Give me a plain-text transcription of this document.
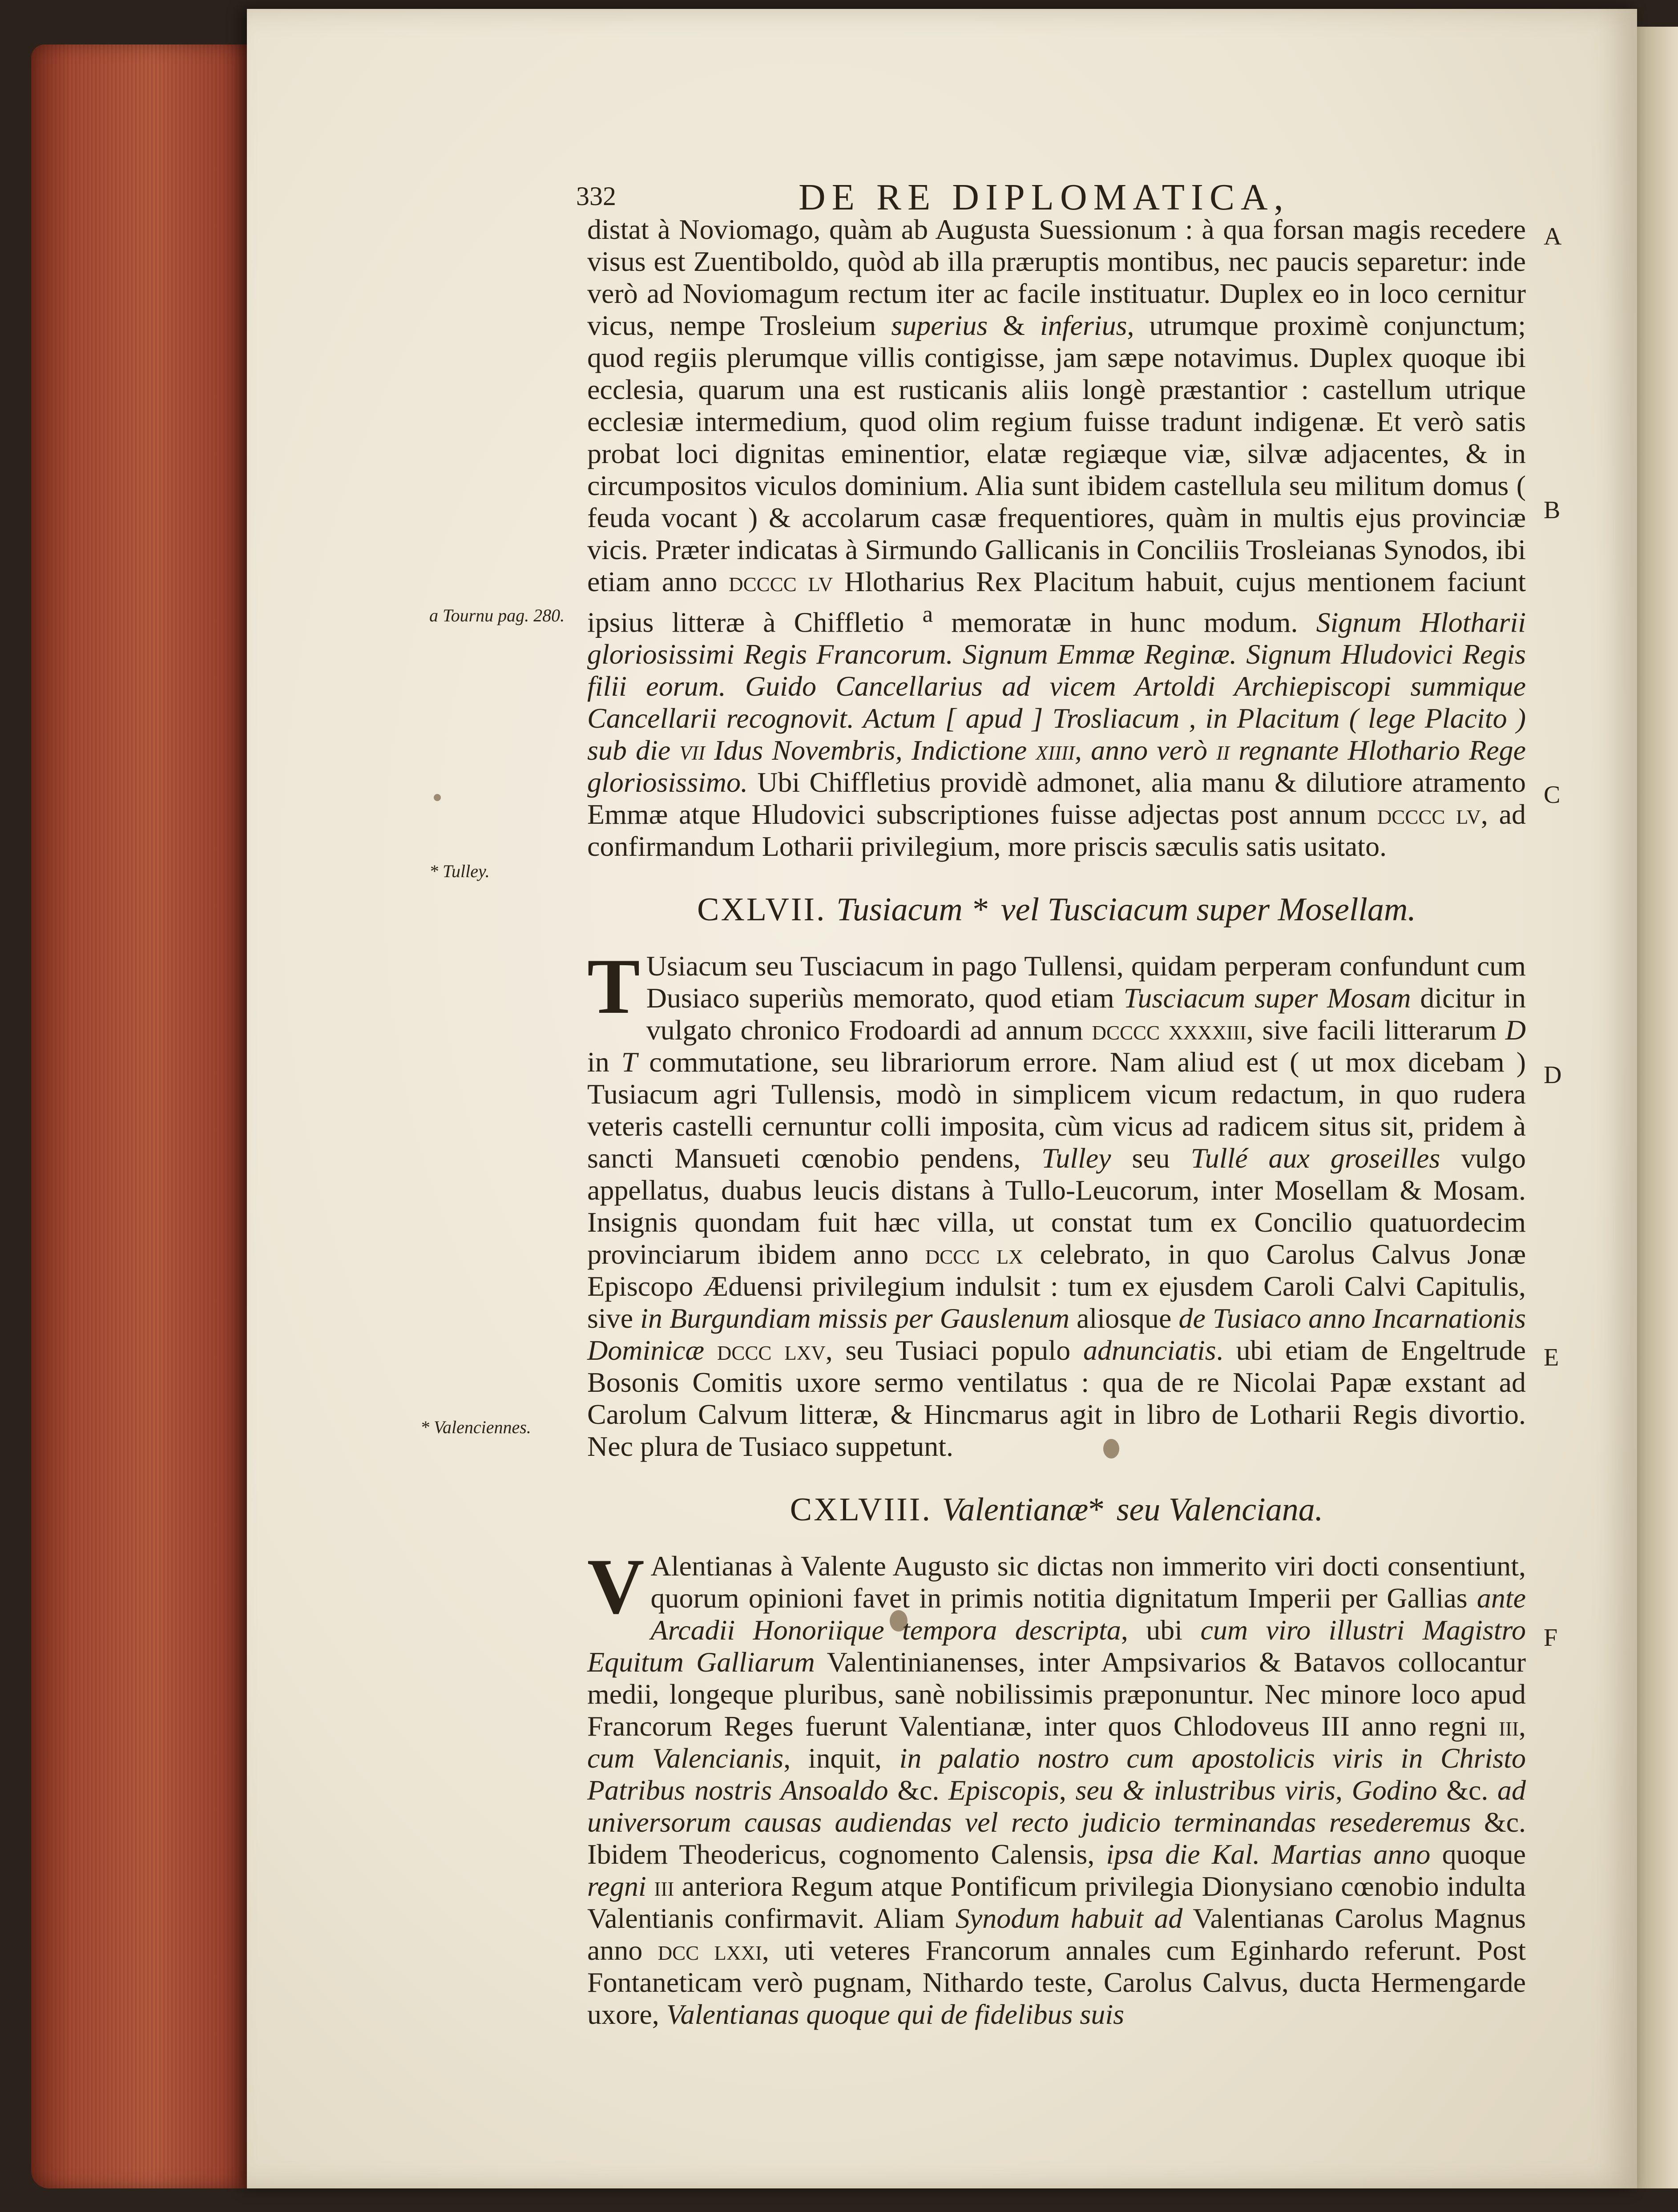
332	DE RE DIPLOMATICA,
a Tournu pag. 280.
* Tulley.
* Valenciennes.
A
B
C
D
E
F

distat à Noviomago, quàm ab Augusta Suessionum : à qua forsan magis recedere visus est Zuentiboldo, quòd ab illa præruptis montibus, nec paucis separetur: inde verò ad Noviomagum rectum iter ac facile instituatur. Duplex eo in loco cernitur vicus, nempe Trosleium superius & inferius, utrumque proximè conjunctum; quod regiis plerumque villis contigisse, jam sæpe notavimus. Duplex quoque ibi ecclesia, quarum una est rusticanis aliis longè præstantior : castellum utrique ecclesiæ intermedium, quod olim regium fuisse tradunt indigenæ. Et verò satis probat loci dignitas eminentior, elatæ regiæque viæ, silvæ adjacentes, & in circumpositos viculos dominium. Alia sunt ibidem castellula seu militum domus ( feuda vocant ) & accolarum casæ frequentiores, quàm in multis ejus provinciæ vicis. Præter indicatas à Sirmundo Gallicanis in Conciliis Trosleianas Synodos, ibi etiam anno dcccc lv Hlotharius Rex Placitum habuit, cujus mentionem faciunt ipsius litteræ à Chiffletio $^a$ memoratæ in hunc modum. Signum Hlotharii gloriosissimi Regis Francorum. Signum Emmæ Reginæ. Signum Hludovici Regis filii eorum. Guido Cancellarius ad vicem Artoldi Archiepiscopi summique Cancellarii recognovit. Actum [ apud ] Trosliacum , in Placitum ( lege Placito ) sub die vii Idus Novembris, Indictione xiiii, anno verò ii regnante Hlothario Rege gloriosissimo. Ubi Chiffletius providè admonet, alia manu & dilutiore atramento Emmæ atque Hludovici subscriptiones fuisse adjectas post annum dcccc lv, ad confirmandum Lotharii privilegium, more priscis sæculis satis usitato.

CXLVII. Tusiacum * vel Tusciacum super Mosellam.

T Usiacum seu Tusciacum in pago Tullensi, quidam perperam confundunt cum Dusiaco superiùs memorato, quod etiam Tusciacum super Mosam dicitur in vulgato chronico Frodoardi ad annum dcccc xxxxiii, sive facili litterarum D in T commutatione, seu librariorum errore. Nam aliud est ( ut mox dicebam ) Tusiacum agri Tullensis, modò in simplicem vicum redactum, in quo rudera veteris castelli cernuntur colli imposita, cùm vicus ad radicem situs sit, pridem à sancti Mansueti cœnobio pendens, Tulley seu Tullé aux groseilles vulgo appellatus, duabus leucis distans à Tullo-Leucorum, inter Mosellam & Mosam. Insignis quondam fuit hæc villa, ut constat tum ex Concilio quatuordecim provinciarum ibidem anno dccc lx celebrato, in quo Carolus Calvus Jonæ Episcopo Æduensi privilegium indulsit : tum ex ejusdem Caroli Calvi Capitulis, sive in Burgundiam missis per Gauslenum aliosque de Tusiaco anno Incarnationis Dominicæ dccc lxv, seu Tusiaci populo adnunciatis. ubi etiam de Engeltrude Bosonis Comitis uxore sermo ventilatus : qua de re Nicolai Papæ exstant ad Carolum Calvum litteræ, & Hincmarus agit in libro de Lotharii Regis divortio. Nec plura de Tusiaco suppetunt.

CXLVIII. Valentianæ* seu Valenciana.

V Alentianas à Valente Augusto sic dictas non immerito viri docti consentiunt, quorum opinioni favet in primis notitia dignitatum Imperii per Gallias ante Arcadii Honoriique tempora descripta, ubi cum viro illustri Magistro Equitum Galliarum Valentinianenses, inter Ampsivarios & Batavos collocantur medii, longeque pluribus, sanè nobilissimis præponuntur. Nec minore loco apud Francorum Reges fuerunt Valentianæ, inter quos Chlodoveus III anno regni iii, cum Valencianis, inquit, in palatio nostro cum apostolicis viris in Christo Patribus nostris Ansoaldo &c. Episcopis, seu & inlustribus viris, Godino &c. ad universorum causas audiendas vel recto judicio terminandas resederemus &c. Ibidem Theodericus, cognomento Calensis, ipsa die Kal. Martias anno quoque regni iii anteriora Regum atque Pontificum privilegia Dionysiano cœnobio indulta Valentianis confirmavit. Aliam Synodum habuit ad Valentianas Carolus Magnus anno dcc lxxi, uti veteres Francorum annales cum Eginhardo referunt. Post Fontaneticam verò pugnam, Nithardo teste, Carolus Calvus, ducta Hermengarde uxore, Valentianas quoque qui de fidelibus suis
